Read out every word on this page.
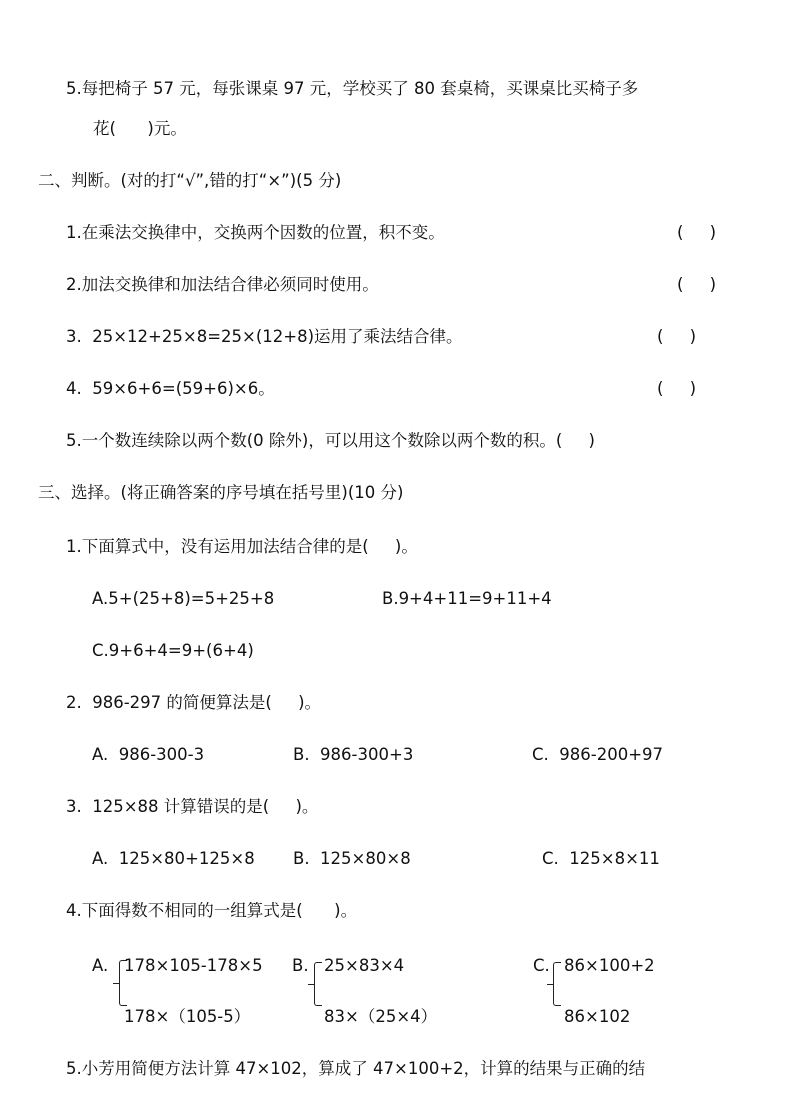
5.每把椅子 57 元，每张课桌 97 元，学校买了 80 套桌椅，买课桌比买椅子多
花(      )元。
二、判断。(对的打“√”,错的打“×”)(5 分)
1.在乘法交换律中，交换两个因数的位置，积不变。	(     )
2.加法交换律和加法结合律必须同时使用。	(     )
3.  25×12+25×8=25×(12+8)运用了乘法结合律。	(     )
4.  59×6+6=(59+6)×6。	(     )
5.一个数连续除以两个数(0 除外)，可以用这个数除以两个数的积。(     )
三、选择。(将正确答案的序号填在括号里)(10 分)
1.下面算式中，没有运用加法结合律的是(     )。
A.5+(25+8)=5+25+8	B.9+4+11=9+11+4
C.9+6+4=9+(6+4)
2.  986-297 的简便算法是(     )。
A.  986-300-3	B.  986-300+3	C.  986-200+97
3.  125×88 计算错误的是(     )。
A.  125×80+125×8 B.  125×80×8	C.  125×8×11
4.下面得数不相同的一组算式是(      )。
A. 178×105-178×5
178×（105-5）
B. 25×83×4
83×（25×4）
C. 86×100+2
86×102
5.小芳用简便方法计算 47×102，算成了 47×100+2，计算的结果与正确的结
